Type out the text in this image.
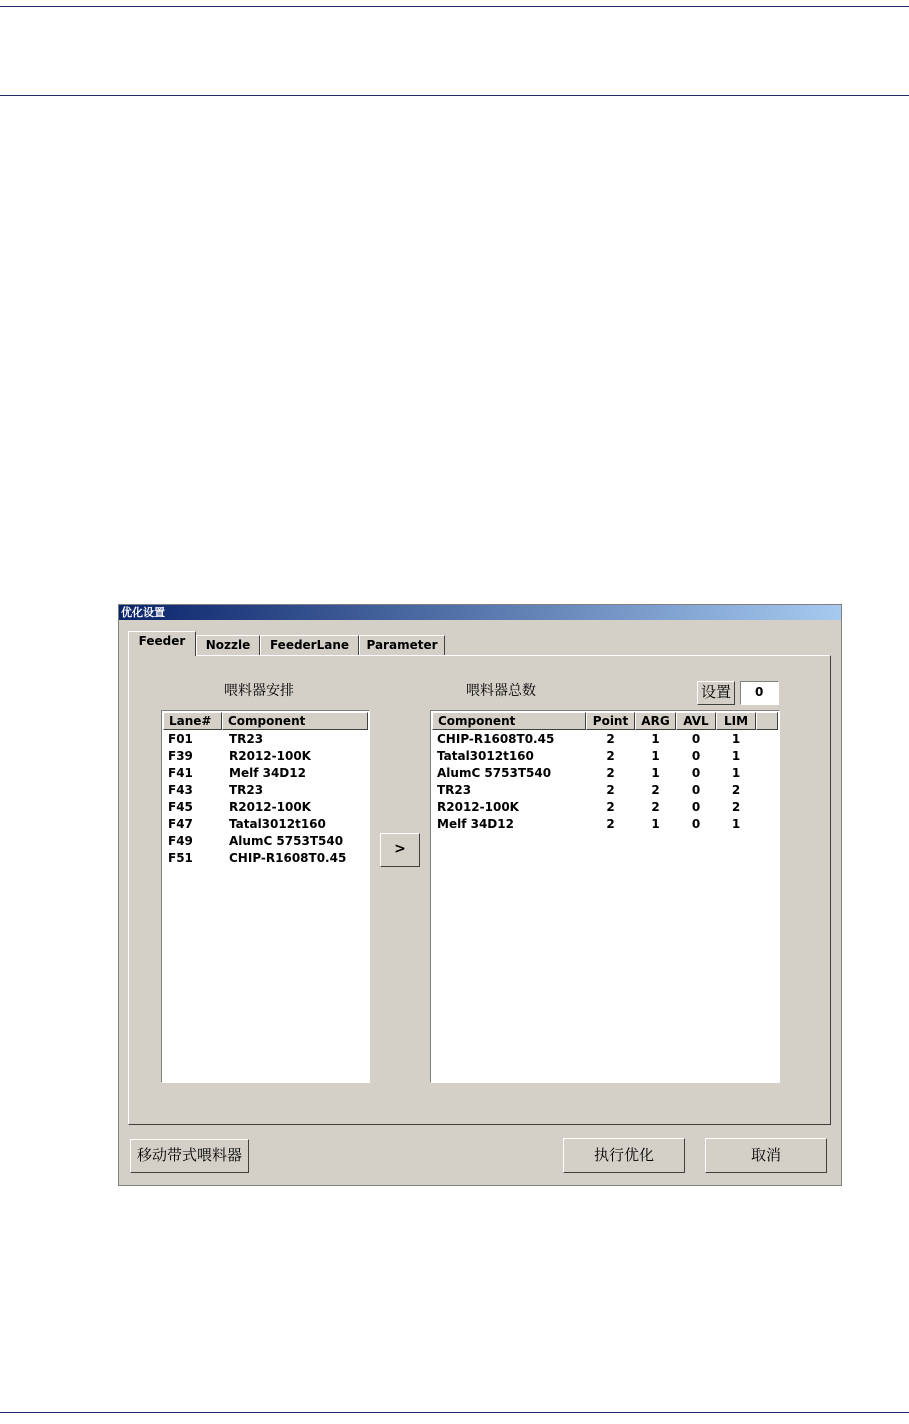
优化设置
Feeder	Nozzle	FeederLane	Parameter
喂料器安排
Lane#	Component
F01	TR23
F39	R2012-100K
F41	Melf 34D12
F43	TR23
F45	R2012-100K
F47	Tatal3012t160
F49	AlumC 5753T540
F51	CHIP-R1608T0.45
>
喂料器总数	设置	0
Component	Point	ARG	AVL	LIM
CHIP-R1608T0.45	2	1	0	1
Tatal3012t160	2	1	0	1
AlumC 5753T540	2	1	0	1
TR23	2	2	0	2
R2012-100K	2	2	0	2
Melf 34D12	2	1	0	1
移动带式喂料器	执行优化	取消
